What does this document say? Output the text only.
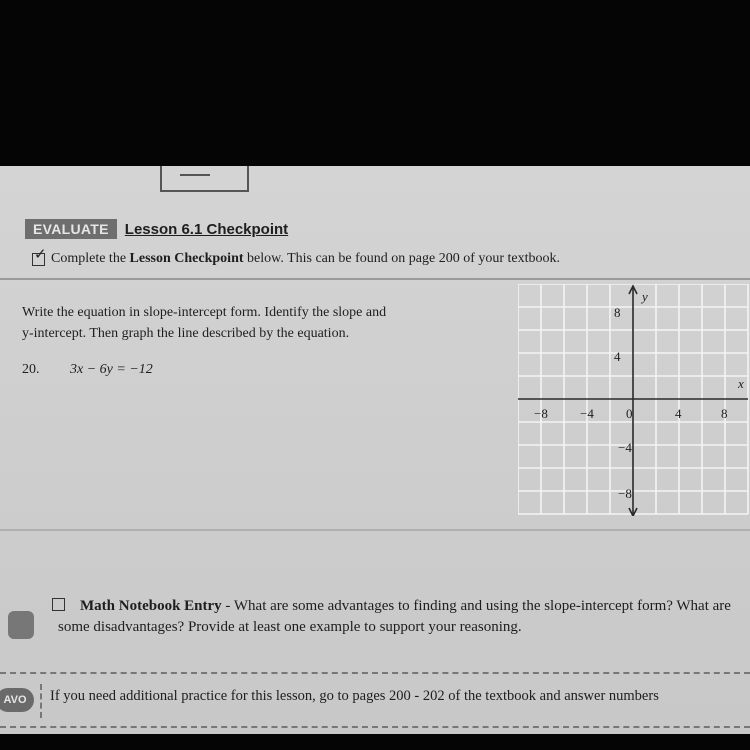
EVALUATE	Lesson 6.1 Checkpoint
✓ Complete the Lesson Checkpoint below. This can be found on page 200 of your textbook.
Write the equation in slope-intercept form. Identify the slope and
y-intercept. Then graph the line described by the equation.
20.	3x − 6y = −12
y
x
−8 −4 0	4	8
8
4
−4
−8
Math Notebook Entry - What are some advantages to finding and using the slope-intercept form? What are some disadvantages? Provide at least one example to support your reasoning.
AVO	If you need additional practice for this lesson, go to pages 200 - 202 of the textbook and answer numbers
